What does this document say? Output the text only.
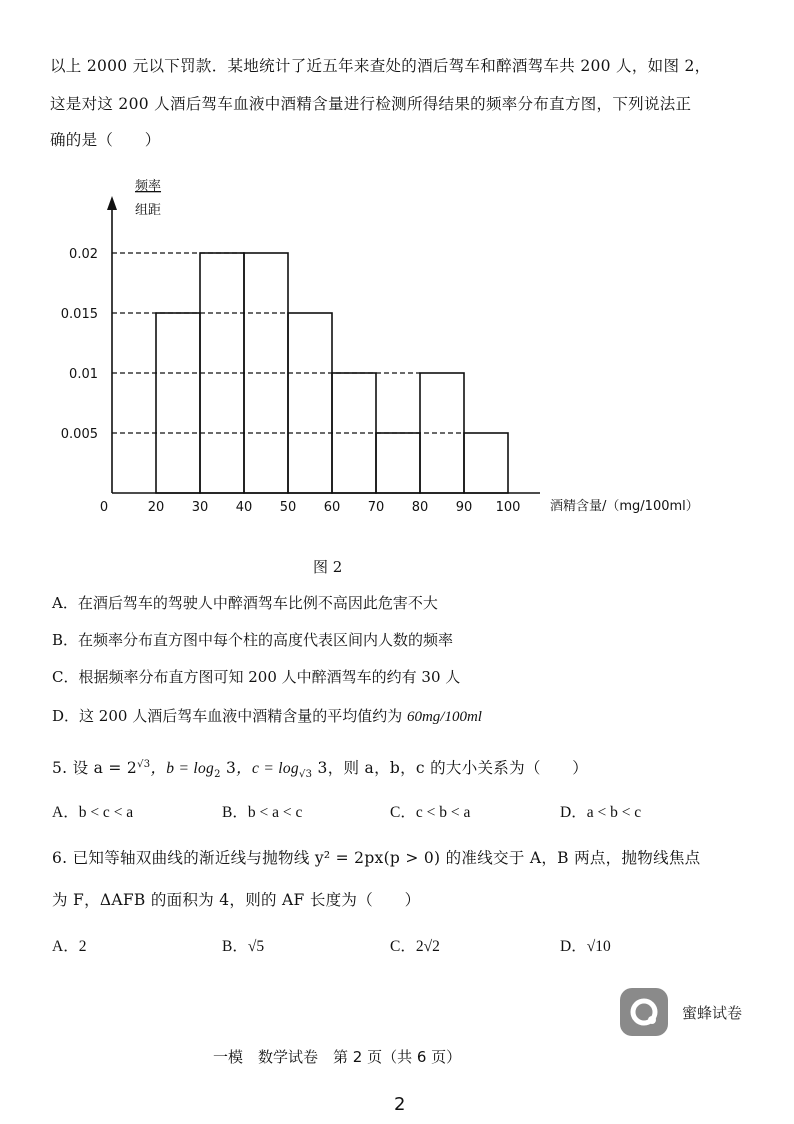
以上 2000 元以下罚款．某地统计了近五年来查处的酒后驾车和醉酒驾车共 200 人，如图 2，
这是对这 200 人酒后驾车血液中酒精含量进行检测所得结果的频率分布直方图，下列说法正
确的是（　　）
频率
组距
酒精含量/（mg/100ml）
0	20 30 40 50 60 70 80 90 100
0.005
0.01
0.015
0.02
图 2
A．在酒后驾车的驾驶人中醉酒驾车比例不高因此危害不大
B．在频率分布直方图中每个柱的高度代表区间内人数的频率
C．根据频率分布直方图可知 200 人中醉酒驾车的约有 30 人
D．这 200 人酒后驾车血液中酒精含量的平均值约为 60mg/100ml
5. 设 $a = 2^{√3}$，$b = \log_2 3$，$c = \log_{√3} 3$，则 a，b，c 的大小关系为（　　）
A．b < c < a	B．b < a < c	C．c < b < a	D．a < b < c
6. 已知等轴双曲线的渐近线与抛物线 y² = 2px(p > 0) 的准线交于 A，B 两点，抛物线焦点
为 F，ΔAFB 的面积为 4，则的 AF 长度为（　　）
A．2	B．√5	C．2√2	D．√10
蜜蜂试卷
一模　数学试卷　第 2 页（共 6 页）
2
